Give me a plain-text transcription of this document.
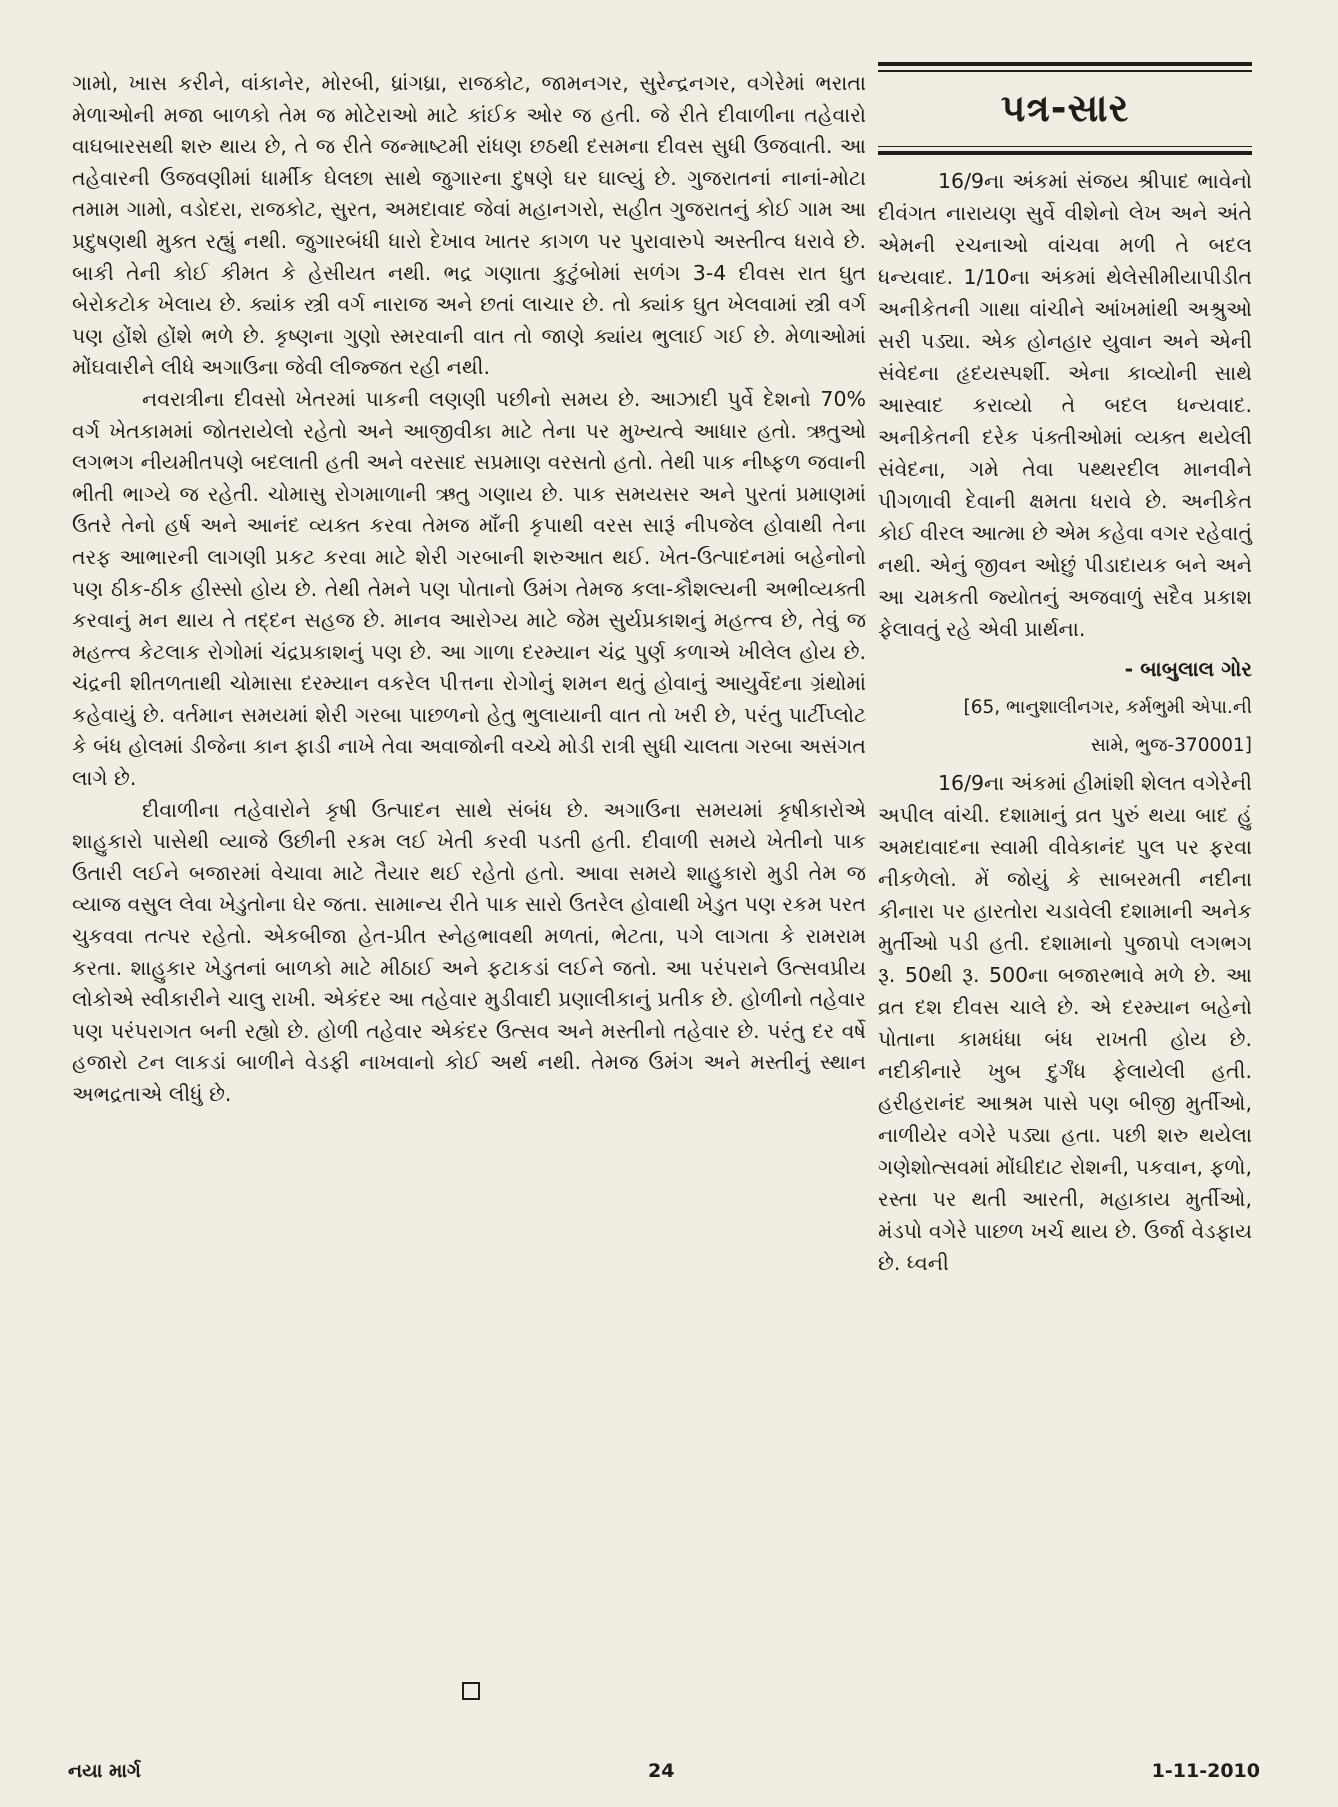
ગામો, ખાસ કરીને, વાંકાનેર, મોરબી, ધ્રાંગધ્રા, રાજકોટ, જામનગર, સુરેન્દ્રનગર, વગેરેમાં ભરાતા મેળાઓની મજા બાળકો તેમ જ મોટેરાઓ માટે કાંઈક ઓર જ હતી. જે રીતે દીવાળીના તહેવારો વાઘબારસથી શરુ થાય છે, તે જ રીતે જન્માષ્ટમી રાંધણ છઠથી દસમના દીવસ સુધી ઉજવાતી. આ તહેવારની ઉજવણીમાં ધાર્મીક ઘેલછા સાથે જુગારના દુષણે ઘર ઘાલ્યું છે. ગુજરાતનાં નાનાં-મોટા તમામ ગામો, વડોદરા, રાજકોટ, સુરત, અમદાવાદ જેવાં મહાનગરો, સહીત ગુજરાતનું કોઈ ગામ આ પ્રદુષણથી મુક્ત રહ્યું નથી. જુગારબંધી ધારો દેખાવ ખાતર કાગળ પર પુરાવારુપે અસ્તીત્વ ધરાવે છે. બાકી તેની કોઈ કીમત કે હેસીયત નથી. ભદ્ર ગણાતા કુટુંબોમાં સળંગ 3-4 દીવસ રાત ઘુત બેરોકટોક ખેલાય છે. ક્યાંક સ્ત્રી વર્ગ નારાજ અને છતાં લાચાર છે. તો ક્યાંક ઘુત ખેલવામાં સ્ત્રી વર્ગ પણ હોંશે હોંશે ભળે છે. કૃષ્ણના ગુણો સ્મરવાની વાત તો જાણે ક્યાંય ભુલાઈ ગઈ છે. મેળાઓમાં મોંઘવારીને લીધે અગાઉના જેવી લીજ્જત રહી નથી.

નવરાત્રીના દીવસો ખેતરમાં પાકની લણણી પછીનો સમય છે. આઝાદી પુર્વે દેશનો 70% વર્ગ ખેતકામમાં જોતરાયેલો રહેતો અને આજીવીકા માટે તેના પર મુખ્યત્વે આધાર હતો. ઋતુઓ લગભગ નીયમીતપણે બદલાતી હતી અને વરસાદ સપ્રમાણ વરસતો હતો. તેથી પાક નીષ્ફળ જવાની ભીતી ભાગ્યે જ રહેતી. ચોમાસુ રોગમાળાની ઋતુ ગણાય છે. પાક સમયસર અને પુરતાં પ્રમાણમાં ઉતરે તેનો હર્ષ અને આનંદ વ્યક્ત કરવા તેમજ માઁની કૃપાથી વરસ સારૂં નીપજેલ હોવાથી તેના તરફ આભારની લાગણી પ્રકટ કરવા માટે શેરી ગરબાની શરુઆત થઈ. ખેત-ઉત્પાદનમાં બહેનોનો પણ ઠીક-ઠીક હીસ્સો હોય છે. તેથી તેમને પણ પોતાનો ઉમંગ તેમજ કલા-કૌશલ્યની અભીવ્યક્તી કરવાનું મન થાય તે તદ્દન સહજ છે. માનવ આરોગ્ય માટે જેમ સુર્યપ્રકાશનું મહત્ત્વ છે, તેવું જ મહત્ત્વ કેટલાક રોગોમાં ચંદ્રપ્રકાશનું પણ છે. આ ગાળા દરમ્યાન ચંદ્ર પુર્ણ કળાએ ખીલેલ હોય છે. ચંદ્રની શીતળતાથી ચોમાસા દરમ્યાન વકરેલ પીત્તના રોગોનું શમન થતું હોવાનું આયુર્વેદના ગ્રંથોમાં કહેવાયું છે. વર્તમાન સમયમાં શેરી ગરબા પાછળનો હેતુ ભુલાયાની વાત તો ખરી છે, પરંતુ પાર્ટીપ્લોટ કે બંધ હોલમાં ડીજેના કાન ફાડી નાખે તેવા અવાજોની વચ્ચે મોડી રાત્રી સુધી ચાલતા ગરબા અસંગત લાગે છે.

દીવાળીના તહેવારોને કૃષી ઉત્પાદન સાથે સંબંધ છે. અગાઉના સમયમાં કૃષીકારોએ શાહુકારો પાસેથી વ્યાજે ઉછીની રકમ લઈ ખેતી કરવી પડતી હતી. દીવાળી સમયે ખેતીનો પાક ઉતારી લઈને બજારમાં વેચાવા માટે તૈયાર થઈ રહેતો હતો. આવા સમયે શાહુકારો મુડી તેમ જ વ્યાજ વસુલ લેવા ખેડુતોના ઘેર જતા. સામાન્ય રીતે પાક સારો ઉતરેલ હોવાથી ખેડુત પણ રકમ પરત ચુકવવા તત્પર રહેતો. એકબીજા હેત-પ્રીત સ્નેહભાવથી મળતાં, ભેટતા, પગે લાગતા કે રામરામ કરતા. શાહુકાર ખેડુતનાં બાળકો માટે મીઠાઈ અને ફટાકડાં લઈને જતો. આ પરંપરાને ઉત્સવપ્રીય લોકોએ સ્વીકારીને ચાલુ રાખી. એકંદર આ તહેવાર મુડીવાદી પ્રણાલીકાનું પ્રતીક છે. હોળીનો તહેવાર પણ પરંપરાગત બની રહ્યો છે. હોળી તહેવાર એકંદર ઉત્સવ અને મસ્તીનો તહેવાર છે. પરંતુ દર વર્ષે હજારો ટન લાકડાં બાળીને વેડફી નાખવાનો કોઈ અર્થ નથી. તેમજ ઉમંગ અને મસ્તીનું સ્થાન અભદ્રતાએ લીધું છે.

પત્ર-સાર

16/9ના અંકમાં સંજય શ્રીપાદ ભાવેનો દીવંગત નારાયણ સુર્વે વીશેનો લેખ અને અંતે એમની રચનાઓ વાંચવા મળી તે બદલ ધન્યવાદ. 1/10ના અંકમાં થેલેસીમીયાપીડીત અનીકેતની ગાથા વાંચીને આંખમાંથી અશ્રુઓ સરી પડ્યા. એક હોનહાર યુવાન અને એની સંવેદના હૃદયસ્પર્શી. એના કાવ્યોની સાથે આસ્વાદ કરાવ્યો તે બદલ ધન્યવાદ. અનીકેતની દરેક પંક્તીઓમાં વ્યક્ત થયેલી સંવેદના, ગમે તેવા પથ્થરદીલ માનવીને પીગળાવી દેવાની ક્ષમતા ધરાવે છે. અનીકેત કોઈ વીરલ આત્મા છે એમ કહેવા વગર રહેવાતું નથી. એનું જીવન ઓછું પીડાદાયક બને અને આ ચમકતી જ્યોતનું અજવાળું સદૈવ પ્રકાશ ફેલાવતું રહે એવી પ્રાર્થના.

- બાબુલાલ ગોર
[65, ભાનુશાલીનગર, કર્મભુમી એપા.ની
સામે, ભુજ-370001]

16/9ના અંકમાં હીમાંશી શેલત વગેરેની અપીલ વાંચી. દશામાનું વ્રત પુરું થયા બાદ હું અમદાવાદના સ્વામી વીવેકાનંદ પુલ પર ફરવા નીકળેલો. મેં જોયું કે સાબરમતી નદીના કીનારા પર હારતોરા ચડાવેલી દશામાની અનેક મુર્તીઓ પડી હતી. દશામાનો પુજાપો લગભગ રૂ. 50થી રૂ. 500ના બજારભાવે મળે છે. આ વ્રત દશ દીવસ ચાલે છે. એ દરમ્યાન બહેનો પોતાના કામધંધા બંધ રાખતી હોય છે. નદીકીનારે ખુબ દુર્ગંધ ફેલાયેલી હતી. હરીહરાનંદ આશ્રમ પાસે પણ બીજી મુર્તીઓ, નાળીયેર વગેરે પડ્યા હતા. પછી શરુ થયેલા ગણેશોત્સવમાં મોંઘીદાટ રોશની, પકવાન, ફળો, રસ્તા પર થતી આરતી, મહાકાય મુર્તીઓ, મંડપો વગેરે પાછળ ખર્ચ થાય છે. ઉર્જા વેડફાય છે. ધ્વની

નયા માર્ગ	24	1-11-2010
